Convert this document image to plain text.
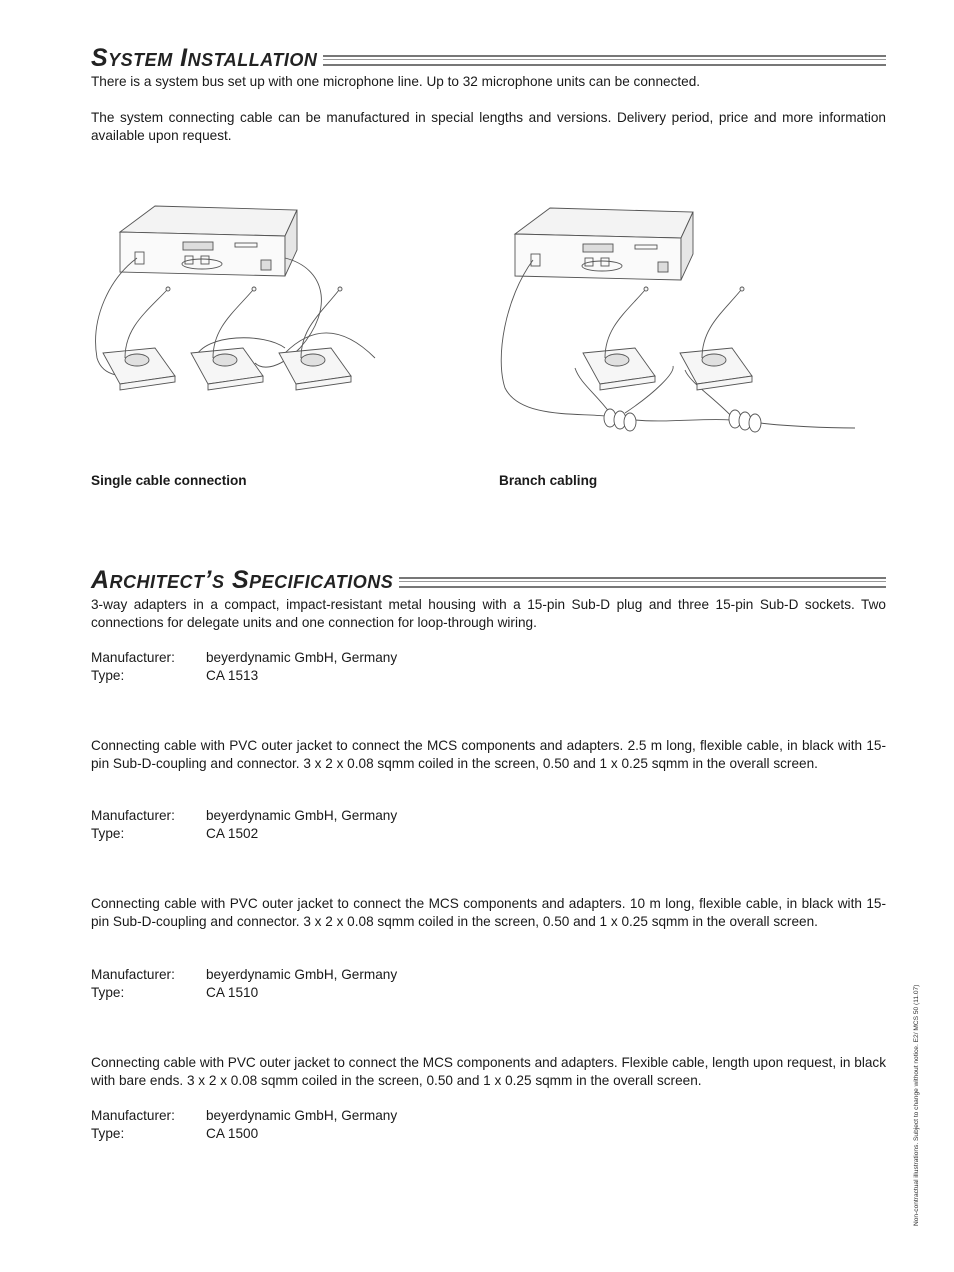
System Installation

There is a system bus set up with one microphone line. Up to 32 microphone units can be connected.

The system connecting cable can be manufactured in special lengths and versions. Delivery period, price and more information available upon request.

Single cable connection	Branch cabling
Architect’s Specifications

3-way adapters in a compact, impact-resistant metal housing with a 15-pin Sub-D plug and three 15-pin Sub-D sockets. Two connections for delegate units and one connection for loop-through wiring.

Manufacturer:	beyerdynamic GmbH, Germany
Type:	CA 1513

Connecting cable with PVC outer jacket to connect the MCS components and adapters. 2.5 m long, flexible cable, in black with 15-pin Sub-D-coupling and connector. 3 x 2 x 0.08 sqmm coiled in the screen, 0.50 and 1 x 0.25 sqmm in the overall screen.

Manufacturer:	beyerdynamic GmbH, Germany
Type:	CA 1502

Connecting cable with PVC outer jacket to connect the MCS components and adapters. 10 m long, flexible cable, in black with 15-pin Sub-D-coupling and connector. 3 x 2 x 0.08 sqmm coiled in the screen, 0.50 and 1 x 0.25 sqmm in the overall screen.

Manufacturer:	beyerdynamic GmbH, Germany
Type:	CA 1510

Connecting cable with PVC outer jacket to connect the MCS components and adapters. Flexible cable, length upon request, in black with bare ends. 3 x 2 x 0.08 sqmm coiled in the screen, 0.50 and 1 x 0.25 sqmm in the overall screen.

Manufacturer:	beyerdynamic GmbH, Germany
Type:	CA 1500	Non-contractual illustrations. Subject to change without notice. E2/ MCS 50 (11.07)
